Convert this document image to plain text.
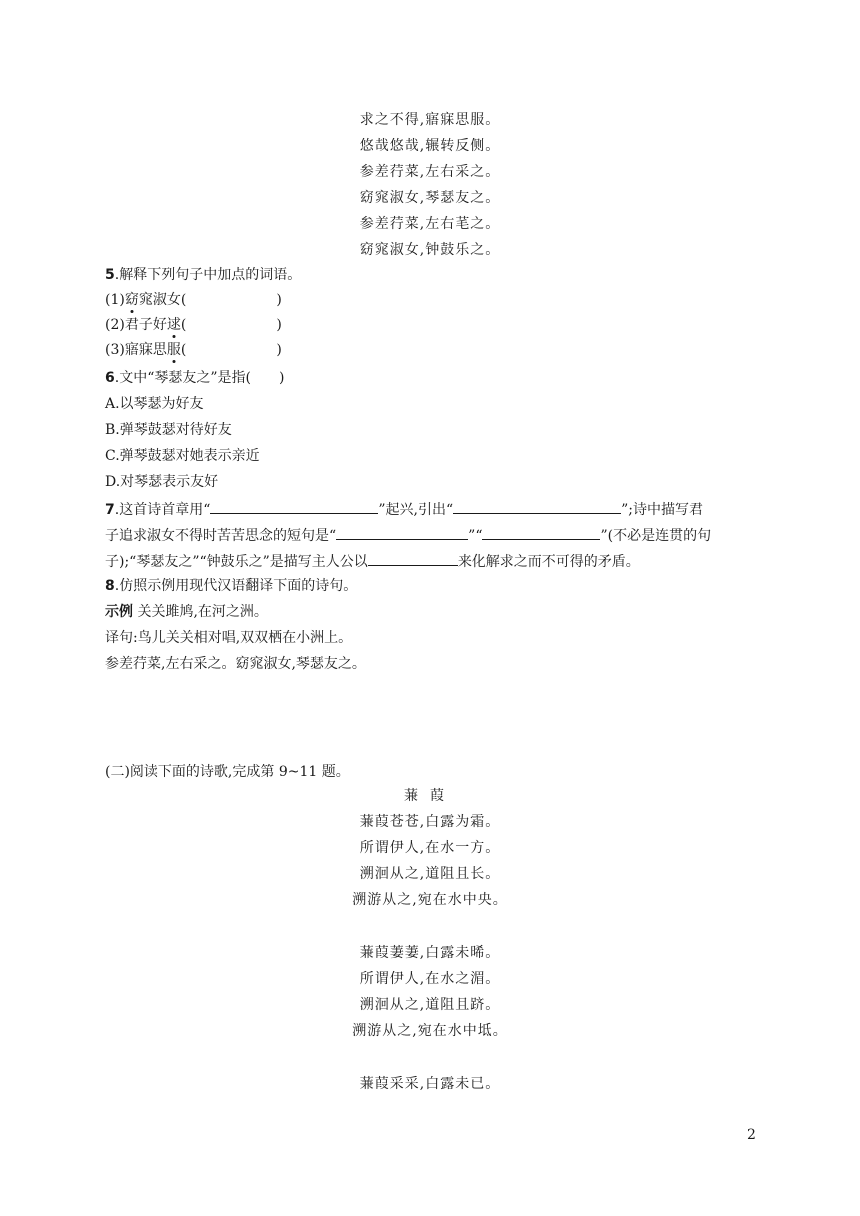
求之不得,寤寐思服。
悠哉悠哉,辗转反侧。
参差荇菜,左右采之。
窈窕淑女,琴瑟友之。
参差荇菜,左右芼之。
窈窕淑女,钟鼓乐之。
5.解释下列句子中加点的词语。
(1)窈窕淑女(	)
(2)君子好逑(	)
(3)寤寐思服(	)
6.文中“琴瑟友之”是指( )
A.以琴瑟为好友
B.弹琴鼓瑟对待好友
C.弹琴鼓瑟对她表示亲近
D.对琴瑟表示友好
7.这首诗首章用“	”起兴,引出“	”;诗中描写君
子追求淑女不得时苦苦思念的短句是“	”“	”(不必是连贯的句
子);“琴瑟友之”“钟鼓乐之”是描写主人公以	来化解求之而不可得的矛盾。
8.仿照示例用现代汉语翻译下面的诗句。
示例 关关雎鸠,在河之洲。
译句:鸟儿关关相对唱,双双栖在小洲上。
参差荇菜,左右采之。窈窕淑女,琴瑟友之。
(二)阅读下面的诗歌,完成第 9~11 题。
蒹葭
蒹葭苍苍,白露为霜。
所谓伊人,在水一方。
溯洄从之,道阻且长。
溯游从之,宛在水中央。
蒹葭萋萋,白露未晞。
所谓伊人,在水之湄。
溯洄从之,道阻且跻。
溯游从之,宛在水中坻。
蒹葭采采,白露未已。
2
